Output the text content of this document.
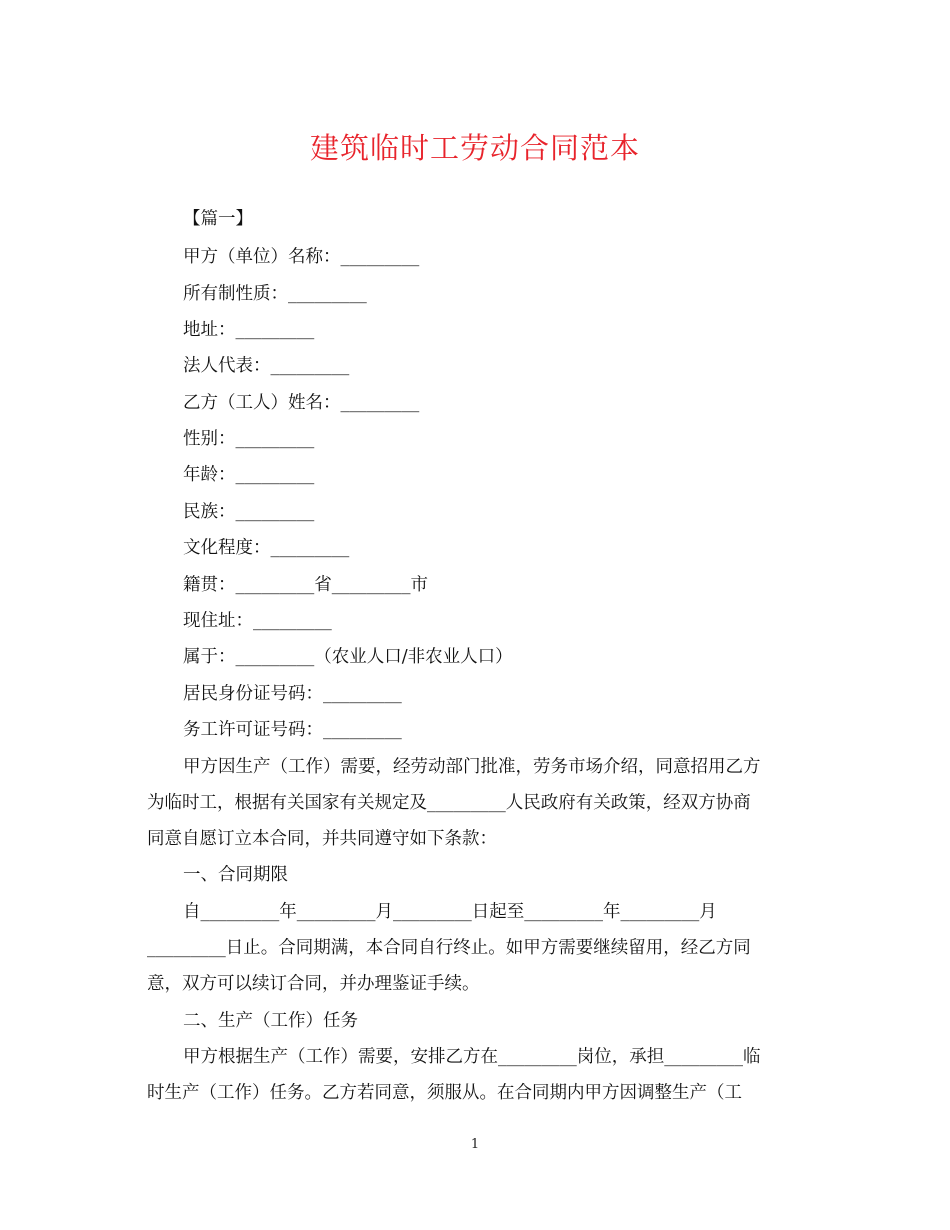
建筑临时工劳动合同范本
【篇一】
甲方（单位）名称：_________
所有制性质：_________
地址：_________
法人代表：_________
乙方（工人）姓名：_________
性别：_________
年龄：_________
民族：_________
文化程度：_________
籍贯：_________省_________市
现住址：_________
属于：_________（农业人口/非农业人口）
居民身份证号码：_________
务工许可证号码：_________
甲方因生产（工作）需要，经劳动部门批准，劳务市场介绍，同意招用乙方
为临时工，根据有关国家有关规定及_________人民政府有关政策，经双方协商
同意自愿订立本合同，并共同遵守如下条款：
一、合同期限
自_________年_________月_________日起至_________年_________月
_________日止。合同期满，本合同自行终止。如甲方需要继续留用，经乙方同
意，双方可以续订合同，并办理鉴证手续。
二、生产（工作）任务
甲方根据生产（工作）需要，安排乙方在_________岗位，承担_________临
时生产（工作）任务。乙方若同意，须服从。在合同期内甲方因调整生产（工
1
